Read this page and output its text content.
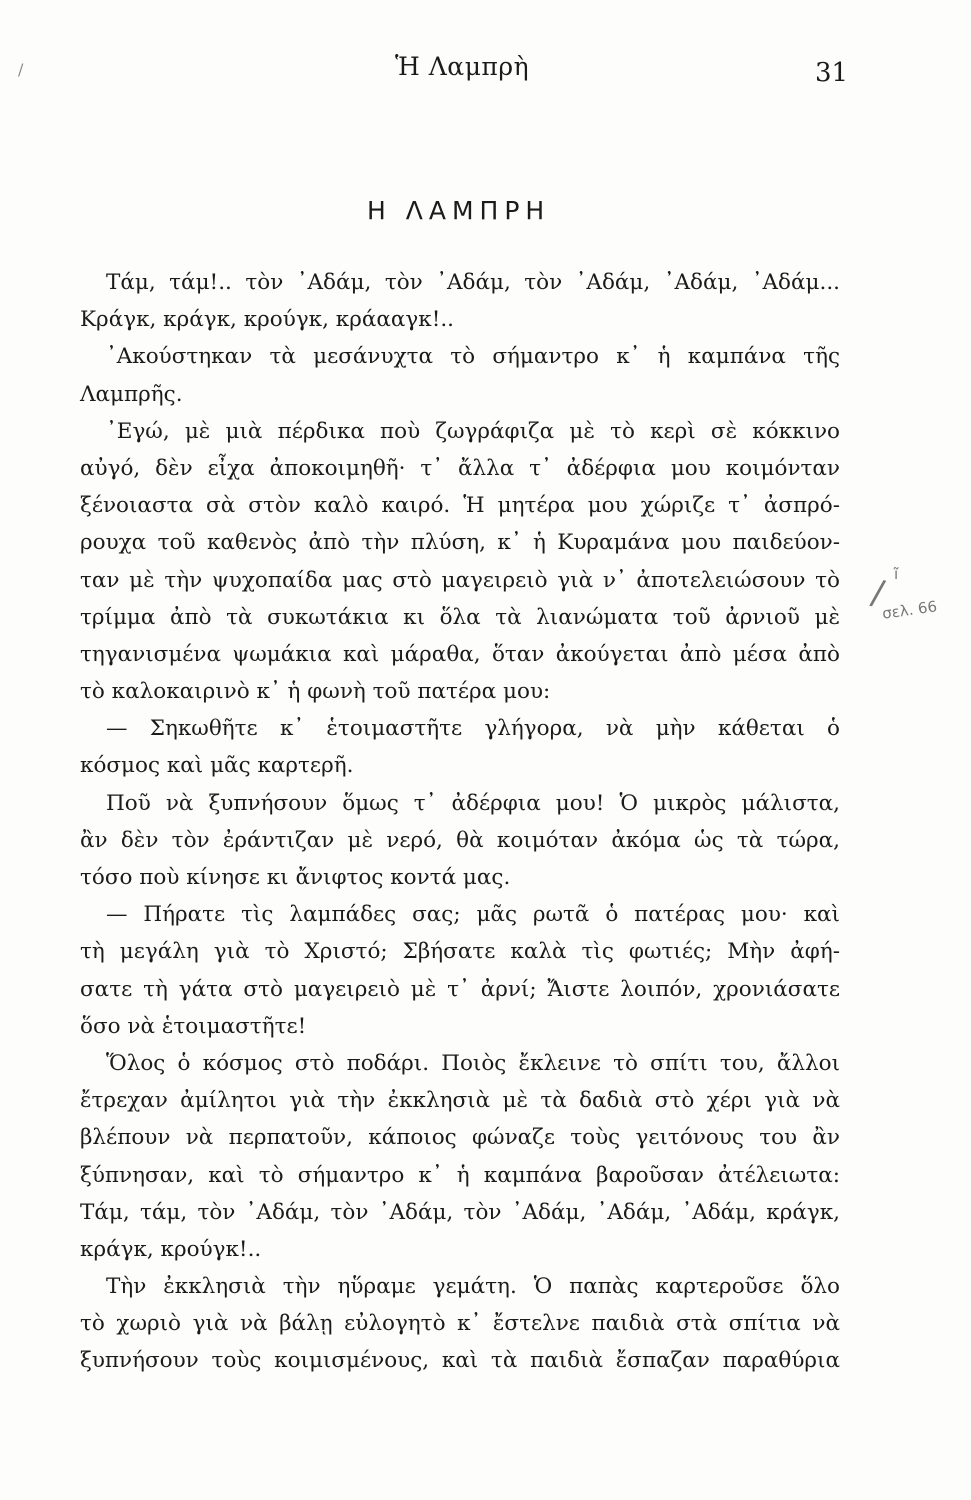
/	Ἡ Λαμπρὴ	31
Η ΛΑΜΠΡΗ
Τάμ, τάμ!.. τὸν ᾿Αδάμ, τὸν ᾿Αδάμ, τὸν ᾿Αδάμ, ᾿Αδάμ, ᾿Αδάμ...
Κράγκ, κράγκ, κρούγκ, κράααγκ!..
᾿Ακούστηκαν τὰ μεσάνυχτα τὸ σήμαντρο κ᾿ ἡ καμπάνα τῆς
Λαμπρῆς.
᾿Εγώ, μὲ μιὰ πέρδικα ποὺ ζωγράφιζα μὲ τὸ κερὶ σὲ κόκκινο
αὐγό, δὲν εἶχα ἀποκοιμηθῆ· τ᾿ ἄλλα τ᾿ ἀδέρφια μου κοιμόνταν
ξένοιαστα σὰ στὸν καλὸ καιρό. Ἡ μητέρα μου χώριζε τ᾿ ἀσπρό-
ρουχα τοῦ καθενὸς ἀπὸ τὴν πλύση, κ᾿ ἡ Κυραμάνα μου παιδεύον-
ταν μὲ τὴν ψυχοπαίδα μας στὸ μαγειρειὸ γιὰ ν᾿ ἀποτελειώσουν τὸ
τρίμμα ἀπὸ τὰ συκωτάκια κι ὅλα τὰ λιανώματα τοῦ ἀρνιοῦ μὲ
τηγανισμένα ψωμάκια καὶ μάραθα, ὅταν ἀκούγεται ἀπὸ μέσα ἀπὸ
τὸ καλοκαιρινὸ κ᾿ ἡ φωνὴ τοῦ πατέρα μου:
— Σηκωθῆτε κ᾿ ἑτοιμαστῆτε γλήγορα, νὰ μὴν κάθεται ὁ
κόσμος καὶ μᾶς καρτερῆ.
Ποῦ νὰ ξυπνήσουν ὅμως τ᾿ ἀδέρφια μου! Ὁ μικρὸς μάλιστα,
ἂν δὲν τὸν ἐράντιζαν μὲ νερό, θὰ κοιμόταν ἀκόμα ὡς τὰ τώρα,
τόσο ποὺ κίνησε κι ἄνιφτος κοντά μας.
— Πήρατε τὶς λαμπάδες σας; μᾶς ρωτᾶ ὁ πατέρας μου· καὶ
τὴ μεγάλη γιὰ τὸ Χριστό; Σβήσατε καλὰ τὶς φωτιές; Μὴν ἀφή-
σατε τὴ γάτα στὸ μαγειρειὸ μὲ τ᾿ ἀρνί; Ἄιστε λοιπόν, χρονιάσατε
ὅσο νὰ ἑτοιμαστῆτε!
Ὅλος ὁ κόσμος στὸ ποδάρι. Ποιὸς ἔκλεινε τὸ σπίτι του, ἄλλοι
ἔτρεχαν ἀμίλητοι γιὰ τὴν ἐκκλησιὰ μὲ τὰ δαδιὰ στὸ χέρι γιὰ νὰ
βλέπουν νὰ περπατοῦν, κάποιος φώναζε τοὺς γειτόνους του ἂν
ξύπνησαν, καὶ τὸ σήμαντρο κ᾿ ἡ καμπάνα βαροῦσαν ἀτέλειωτα:
Τάμ, τάμ, τὸν ᾿Αδάμ, τὸν ᾿Αδάμ, τὸν ᾿Αδάμ, ᾿Αδάμ, ᾿Αδάμ, κράγκ,
κράγκ, κρούγκ!..
Τὴν ἐκκλησιὰ τὴν ηὕραμε γεμάτη. Ὁ παπὰς καρτεροῦσε ὅλο
τὸ χωριὸ γιὰ νὰ βάλῃ εὐλογητὸ κ᾿ ἔστελνε παιδιὰ στὰ σπίτια νὰ
ξυπνήσουν τοὺς κοιμισμένους, καὶ τὰ παιδιὰ ἔσπαζαν παραθύρια
/ ĩ
σελ. 66
